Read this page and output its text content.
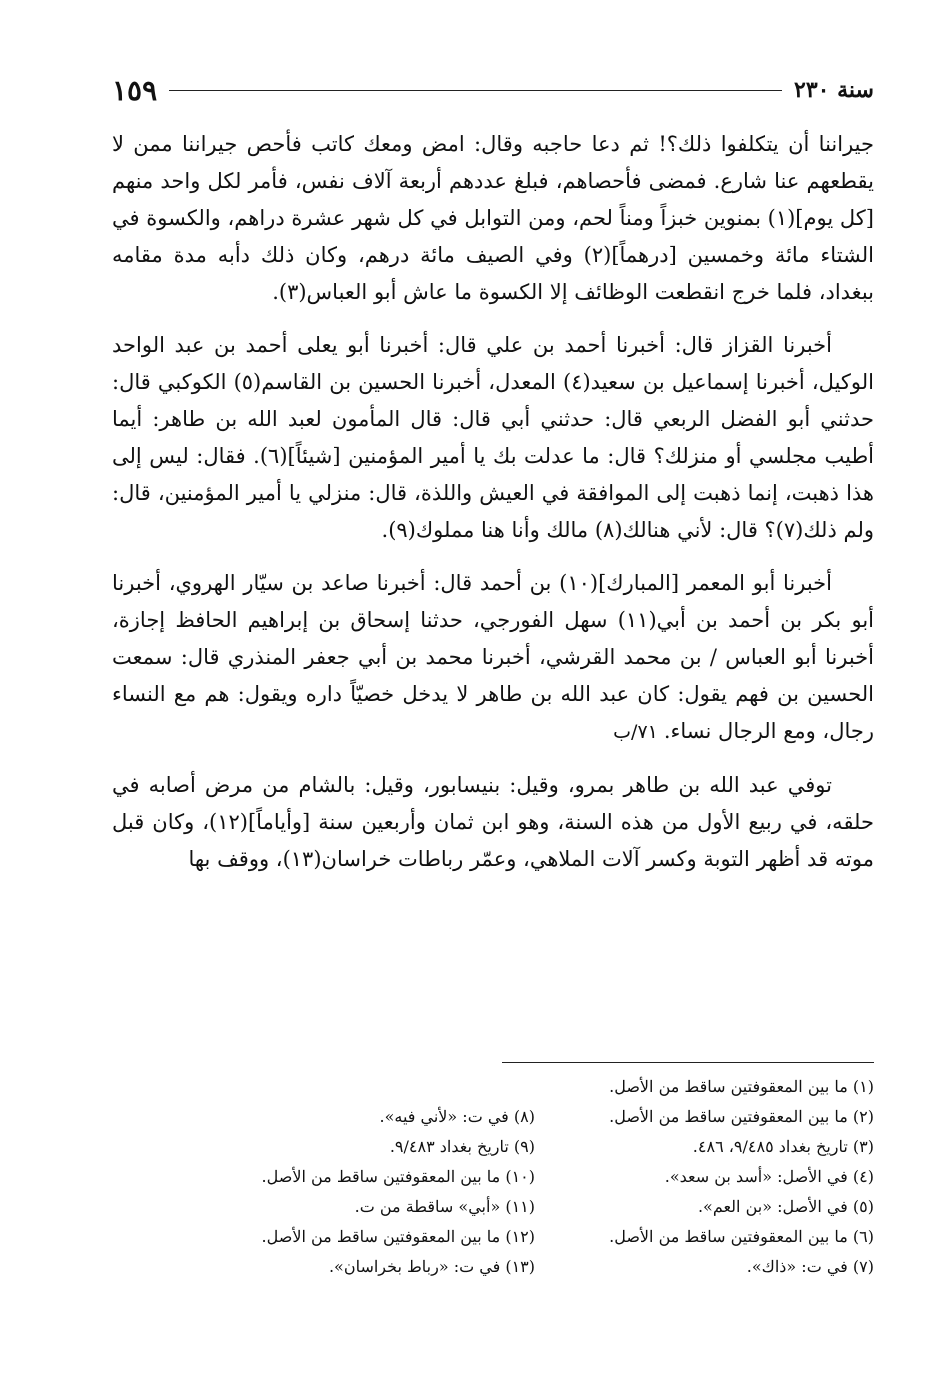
سنة ٢٣٠
١٥٩

جيراننا أن يتكلفوا ذلك؟! ثم دعا حاجبه وقال: امض ومعك كاتب فأحص جيراننا ممن لا يقطعهم عنا شارع. فمضى فأحصاهم، فبلغ عددهم أربعة آلاف نفس، فأمر لكل واحد منهم [كل يوم](١) بمنوين خبزاً ومناً لحم، ومن التوابل في كل شهر عشرة دراهم، والكسوة في الشتاء مائة وخمسين [درهماً](٢) وفي الصيف مائة درهم، وكان ذلك دأبه مدة مقامه ببغداد، فلما خرج انقطعت الوظائف إلا الكسوة ما عاش أبو العباس(٣).

أخبرنا القزاز قال: أخبرنا أحمد بن علي قال: أخبرنا أبو يعلى أحمد بن عبد الواحد الوكيل، أخبرنا إسماعيل بن سعيد(٤) المعدل، أخبرنا الحسين بن القاسم(٥) الكوكبي قال: حدثني أبو الفضل الربعي قال: حدثني أبي قال: قال المأمون لعبد الله بن طاهر: أيما أطيب مجلسي أو منزلك؟ قال: ما عدلت بك يا أمير المؤمنين [شيئاً](٦). فقال: ليس إلى هذا ذهبت، إنما ذهبت إلى الموافقة في العيش واللذة، قال: منزلي يا أمير المؤمنين، قال: ولم ذلك(٧)؟ قال: لأني هنالك(٨) مالك وأنا هنا مملوك(٩).

أخبرنا أبو المعمر [المبارك](١٠) بن أحمد قال: أخبرنا صاعد بن سيّار الهروي، أخبرنا أبو بكر بن أحمد بن أبي(١١) سهل الفورجي، حدثنا إسحاق بن إبراهيم الحافظ إجازة، أخبرنا أبو العباس / بن محمد القرشي، أخبرنا محمد بن أبي جعفر المنذري قال: سمعت الحسين بن فهم يقول: كان عبد الله بن طاهر لا يدخل خصيّاً داره ويقول: هم مع النساء رجال، ومع الرجال نساء.٧١/ب

توفي عبد الله بن طاهر بمرو، وقيل: بنيسابور، وقيل: بالشام من مرض أصابه في حلقه، في ربيع الأول من هذه السنة، وهو ابن ثمان وأربعين سنة [وأياماً](١٢)، وكان قبل موته قد أظهر التوبة وكسر آلات الملاهي، وعمّر رباطات خراسان(١٣)، ووقف بها

(١) ما بين المعقوفتين ساقط من الأصل.
(٢) ما بين المعقوفتين ساقط من الأصل.
(٣) تاريخ بغداد ٩/٤٨٥، ٤٨٦.
(٤) في الأصل: «أسد بن سعد».
(٥) في الأصل: «بن العم».
(٦) ما بين المعقوفتين ساقط من الأصل.
(٧) في ت: «ذاك».
(٨) في ت: «لأني فيه».
(٩) تاريخ بغداد ٩/٤٨٣.
(١٠) ما بين المعقوفتين ساقط من الأصل.
(١١) «أبي» ساقطة من ت.
(١٢) ما بين المعقوفتين ساقط من الأصل.
(١٣) في ت: «رباط بخراسان».
